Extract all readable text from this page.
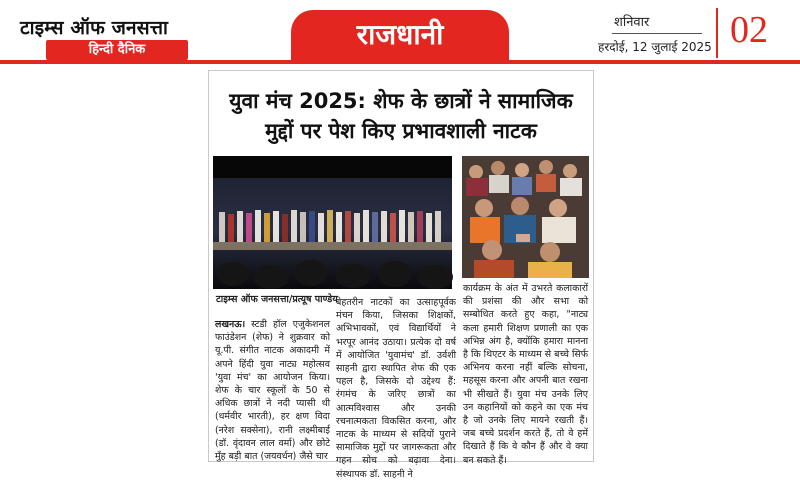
टाइम्स ऑफ जनसत्ता
हिन्दी दैनिक	राजधानी	शनिवार
हरदोई, 12 जुलाई 2025 02
युवा मंच 2025: शेफ के छात्रों ने सामाजिक मुद्दों पर पेश किए प्रभावशाली नाटक
टाइम्स ऑफ जनसत्ता/प्रत्यूष पाण्डेय
लखनऊ। स्टडी हॉल एजुकेशनल फाउंडेशन (शेफ) ने शुक्रवार को यू.पी. संगीत नाटक अकादमी में अपने हिंदी युवा नाट्य महोत्सव 'युवा मंच' का आयोजन किया। शेफ के चार स्कूलों के 50 से अधिक छात्रों ने नदी प्यासी थी (धर्मवीर भारती), हर क्षण विदा (नरेश सक्सेना), रानी लक्ष्मीबाई (डॉ. वृंदावन लाल वर्मा) और छोटे मुँह बड़ी बात (जयवर्धन) जैसे चार
बेहतरीन नाटकों का उत्साहपूर्वक मंचन किया, जिसका शिक्षकों, अभिभावकों, एवं विद्यार्थियों ने भरपूर आनंद उठाया। प्रत्येक दो वर्ष में आयोजित 'युवामंच' डॉ. उर्वशी साहनी द्वारा स्थापित शेफ की एक पहल है, जिसके दो उद्देश्य हैं: रंगमंच के जरिए छात्रों का आत्मविश्वास और उनकी रचनात्मकता विकसित करना, और नाटक के माध्यम से सदियों पुराने सामाजिक मुद्दों पर जागरूकता और गहन सोच को बढ़ावा देना। संस्थापक डॉ. साहनी ने
कार्यक्रम के अंत में उभरते कलाकारों की प्रशंसा की और सभा को सम्बोधित करते हुए कहा, "नाट्य कला हमारी शिक्षण प्रणाली का एक अभिन्न अंग है, क्योंकि हमारा मानना है कि थिएटर के माध्यम से बच्चे सिर्फ अभिनय करना नहीं बल्कि सोचना, महसूस करना और अपनी बात रखना भी सीखते हैं। युवा मंच उनके लिए उन कहानियों को कहने का एक मंच है जो उनके लिए मायने रखती हैं। जब बच्चे प्रदर्शन करते हैं, तो वे हमें दिखाते हैं कि वे कौन हैं और वे क्या बन सकते हैं।
